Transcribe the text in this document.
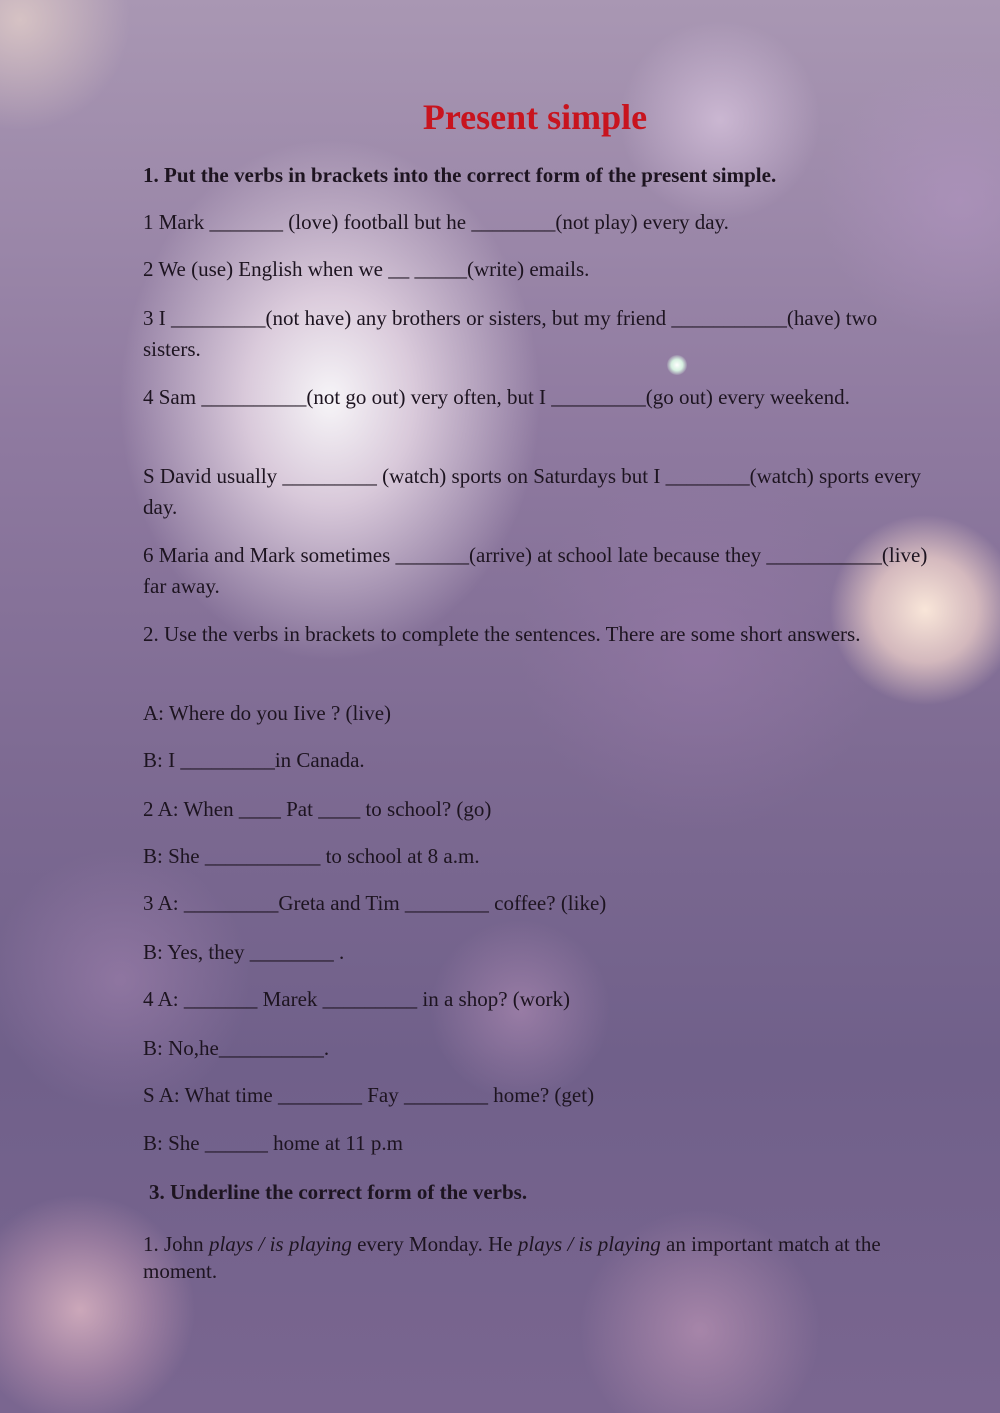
Present simple

1. Put the verbs in brackets into the correct form of the present simple.

1 Mark _______ (love) football but he ________(not play) every day.

2 We (use) English when we __ _____(write) emails.

3 I _________(not have) any brothers or sisters, but my friend ___________(have) two sisters.

4 Sam __________(not go out) very often, but I _________(go out) every weekend.

S David usually _________ (watch) sports on Saturdays but I ________(watch) sports every day.

6 Maria and Mark sometimes _______(arrive) at school late because they ___________(live) far away.

2. Use the verbs in brackets to complete the sentences. There are some short answers.

A: Where do you Iive ? (live)

B: I _________in Canada.

2 A: When ____ Pat ____ to school? (go)

B: She ___________ to school at 8 a.m.

3 A: _________Greta and Tim ________ coffee? (like)

B: Yes, they ________ .

4 A: _______ Marek _________ in a shop? (work)

B: No,he__________.

S A: What time ________ Fay ________ home? (get)

B: She ______ home at 11 p.m

3. Underline the correct form of the verbs.

1. John plays / is playing every Monday. He plays / is playing an important match at the moment.
